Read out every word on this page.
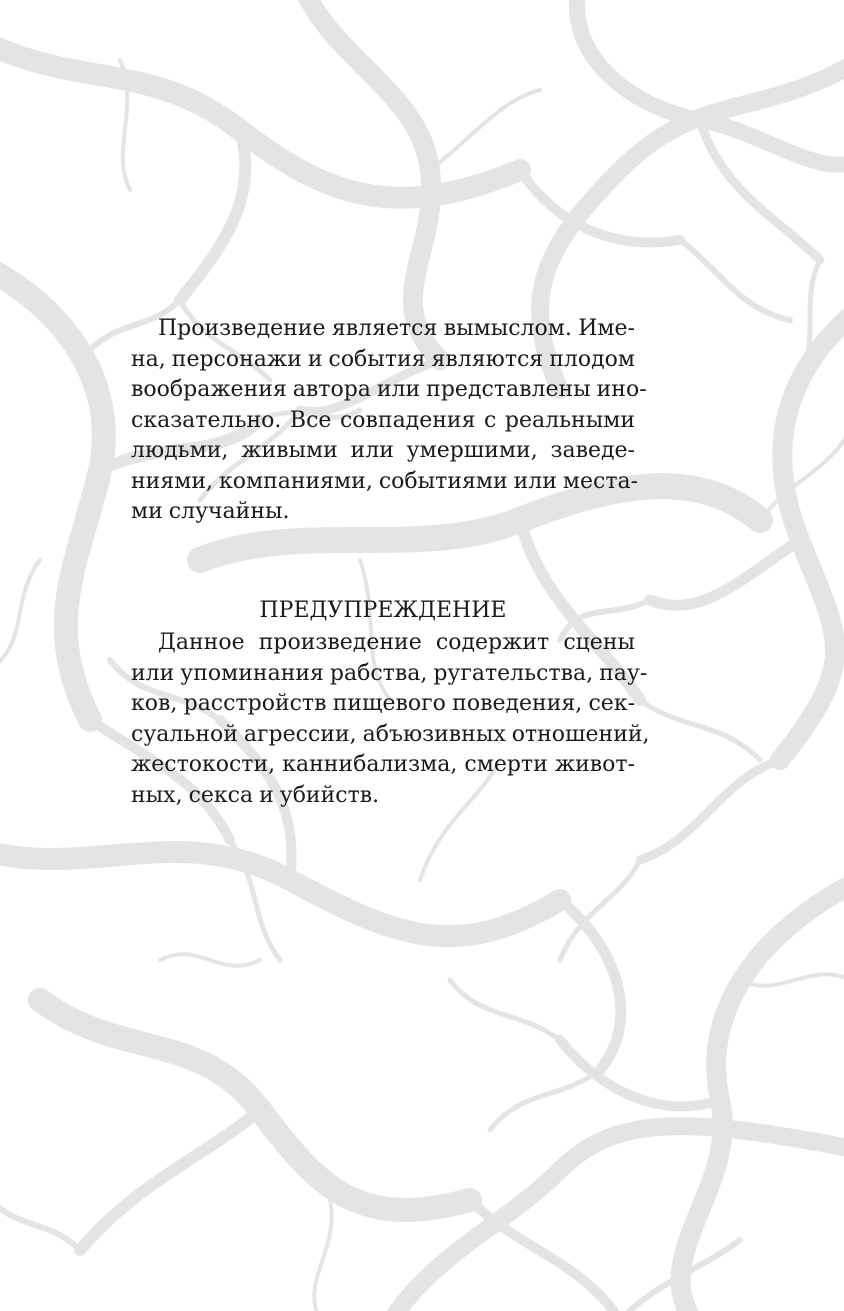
Произведение является вымыслом. Име-
на, персонажи и события являются плодом
воображения автора или представлены ино-
сказательно. Все совпадения с реальными
людьми, живыми или умершими, заведе-
ниями, компаниями, событиями или места-
ми случайны.
ПРЕДУПРЕЖДЕНИЕ
Данное произведение содержит сцены
или упоминания рабства, ругательства, пау-
ков, расстройств пищевого поведения, сек-
суальной агрессии, абъюзивных отношений,
жестокости, каннибализма, смерти живот-
ных, секса и убийств.
